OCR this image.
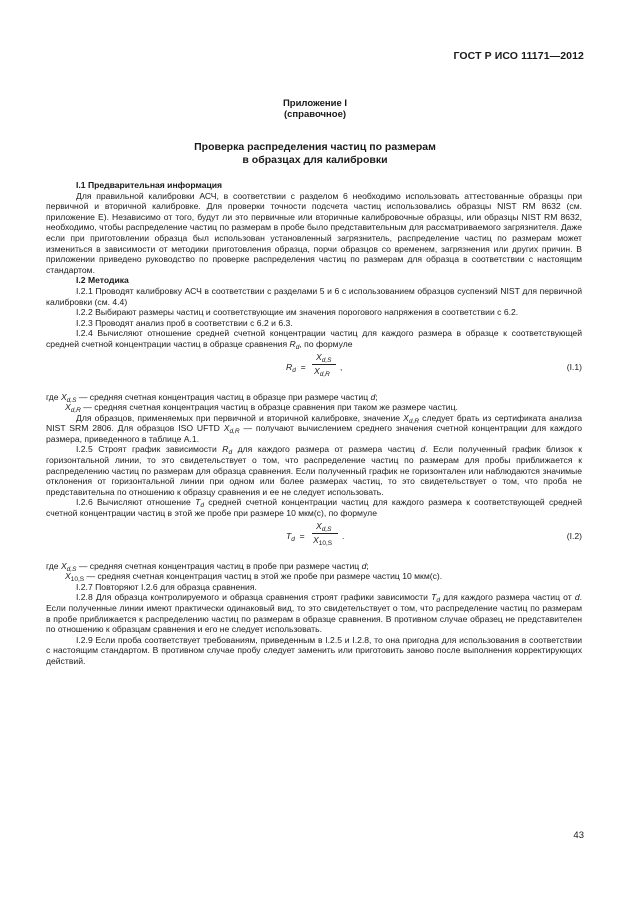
ГОСТ Р ИСО 11171—2012
Приложение I
(справочное)
Проверка распределения частиц по размерам
в образцах для калибровки

I.1 Предварительная информация

Для правильной калибровки АСЧ, в соответствии с разделом 6 необходимо использовать аттестованные образцы при первичной и вторичной калибровке. Для проверки точности подсчета частиц использовались образцы NIST RM 8632 (см. приложение Е). Независимо от того, будут ли это первичные или вторичные калибровочные образцы, или образцы NIST RM 8632, необходимо, чтобы распределение частиц по размерам в пробе было представительным для рассматриваемого загрязнителя. Даже если при приготовлении образца был использован установленный загрязнитель, распределение частиц по размерам может измениться в зависимости от методики приготовления образца, порчи образцов со временем, загрязнения или других причин. В приложении приведено руководство по проверке распределения частиц по размерам для образца в соответствии с настоящим стандартом.

I.2 Методика

I.2.1 Проводят калибровку АСЧ в соответствии с разделами 5 и 6 с использованием образцов суспензий NIST для первичной калибровки (см. 4.4)

I.2.2 Выбирают размеры частиц и соответствующие им значения порогового напряжения в соответствии с 6.2.

I.2.3 Проводят анализ проб в соответствии с 6.2 и 6.3.

I.2.4 Вычисляют отношение средней счетной концентрации частиц для каждого размера в образце к соответствующей средней счетной концентрации частиц в образце сравнения $R_d$, по формуле

$R_d$ =
$X_{d,S}$
$X_{d,R}$
,	(I.1)

где $X_{d,S}$ — средняя счетная концентрация частиц в образце при размере частиц d;

$X_{d,R}$ — средняя счетная концентрация частиц в образце сравнения при таком же размере частиц.

Для образцов, применяемых при первичной и вторичной калибровке, значение $X_{d,R}$ следует брать из сертификата анализа NIST SRM 2806. Для образцов ISO UFTD $X_{d,R}$ — получают вычислением среднего значения счетной концентрации для каждого размера, приведенного в таблице А.1.

I.2.5 Строят график зависимости $R_d$ для каждого размера от размера частиц d. Если полученный график близок к горизонтальной линии, то это свидетельствует о том, что распределение частиц по размерам для пробы приближается к распределению частиц по размерам для образца сравнения. Если полученный график не горизонтален или наблюдаются значимые отклонения от горизонтальной линии при одном или более размерах частиц, то это свидетельствует о том, что проба не представительна по отношению к образцу сравнения и ее не следует использовать.

I.2.6 Вычисляют отношение $T_d$ средней счетной концентрации частиц для каждого размера к соответствующей средней счетной концентрации частиц в этой же пробе при размере 10 мкм(c), по формуле

$T_d$ =
$X_{d,S}$
$X_{10,S}$
.	(I.2)

где $X_{d,S}$ — средняя счетная концентрация частиц в пробе при размере частиц d;

$X_{10,S}$ — средняя счетная концентрация частиц в этой же пробе при размере частиц 10 мкм(c).

I.2.7 Повторяют I.2.6 для образца сравнения.

I.2.8 Для образца контролируемого и образца сравнения строят графики зависимости $T_d$ для каждого размера частиц от d. Если полученные линии имеют практически одинаковый вид, то это свидетельствует о том, что распределение частиц по размерам в пробе приближается к распределению частиц по размерам в образце сравнения. В противном случае образец не представителен по отношению к образцам сравнения и его не следует использовать.

I.2.9 Если проба соответствует требованиям, приведенным в I.2.5 и I.2.8, то она пригодна для использования в соответствии с настоящим стандартом. В противном случае пробу следует заменить или приготовить заново после выполнения корректирующих действий.

43
